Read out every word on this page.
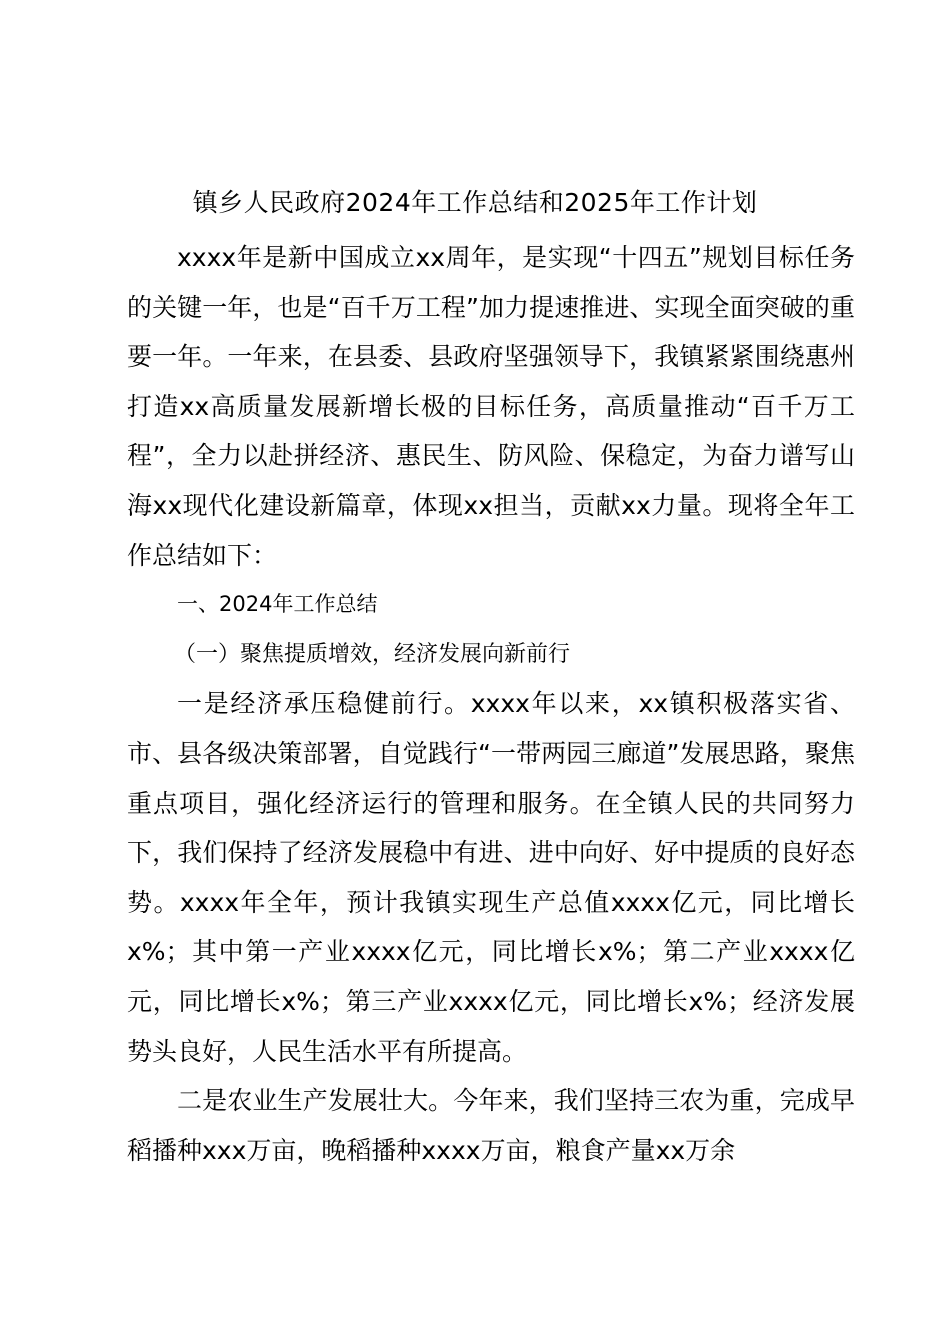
镇乡人民政府2024年工作总结和2025年工作计划

xxxx年是新中国成立xx周年，是实现“十四五”规划目标任务的关键一年，也是“百千万工程”加力提速推进、实现全面突破的重要一年。一年来，在县委、县政府坚强领导下，我镇紧紧围绕惠州打造xx高质量发展新增长极的目标任务，高质量推动“百千万工程”，全力以赴拼经济、惠民生、防风险、保稳定，为奋力谱写山海xx现代化建设新篇章，体现xx担当，贡献xx力量。现将全年工作总结如下：

一、2024年工作总结

（一）聚焦提质增效，经济发展向新前行

一是经济承压稳健前行。xxxx年以来，xx镇积极落实省、市、县各级决策部署，自觉践行“一带两园三廊道”发展思路，聚焦重点项目，强化经济运行的管理和服务。在全镇人民的共同努力下，我们保持了经济发展稳中有进、进中向好、好中提质的良好态势。xxxx年全年，预计我镇实现生产总值xxxx亿元，同比增长x%；其中第一产业xxxx亿元，同比增长x%；第二产业xxxx亿元，同比增长x%；第三产业xxxx亿元，同比增长x%；经济发展势头良好，人民生活水平有所提高。

二是农业生产发展壮大。今年来，我们坚持三农为重，完成早稻播种xxx万亩，晚稻播种xxxx万亩，粮食产量xx万余
